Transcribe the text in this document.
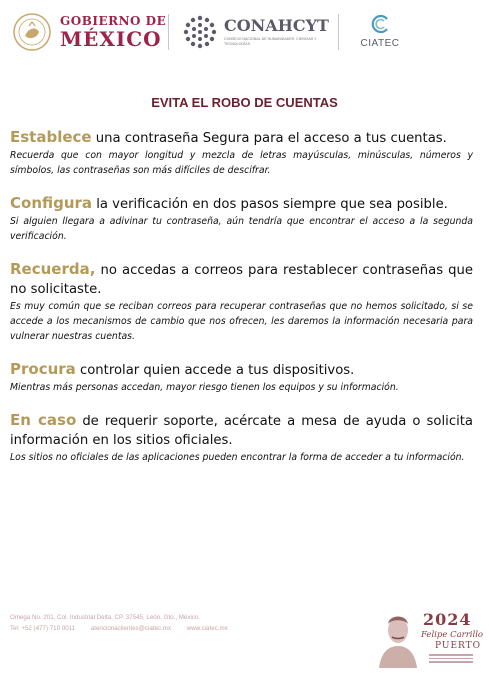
GOBIERNO DE
MÉXICO
CONAHCYT
CONSEJO NACIONAL DE HUMANIDADES, CIENCIAS Y TECNOLOGÍAS	CIATEC
EVITA EL ROBO DE CUENTAS

Establece una contraseña Segura para el acceso a tus cuentas.

Recuerda que con mayor longitud y mezcla de letras mayúsculas, minúsculas, números y símbolos, las contraseñas son más difíciles de descifrar.

Configura la verificación en dos pasos siempre que sea posible.

Si alguien llegara a adivinar tu contraseña, aún tendría que encontrar el acceso a la segunda verificación.

Recuerda, no accedas a correos para restablecer contraseñas que no solicitaste.

Es muy común que se reciban correos para recuperar contraseñas que no hemos solicitado, si se accede a los mecanismos de cambio que nos ofrecen, les daremos la información necesaria para vulnerar nuestras cuentas.

Procura controlar quien accede a tus dispositivos.

Mientras más personas accedan, mayor riesgo tienen los equipos y su información.

En caso de requerir soporte, acércate a mesa de ayuda o solicita información en los sitios oficiales.

Los sitios no oficiales de las aplicaciones pueden encontrar la forma de acceder a tu información.

Omega No. 201, Col. Industrial Delta, CP. 37545, León, Gto., México.
Tel: +52 (477) 710 0011	atencionaclientes@ciatec.mx	www.ciatec.mx	2024
Felipe Carrillo
PUERTO
